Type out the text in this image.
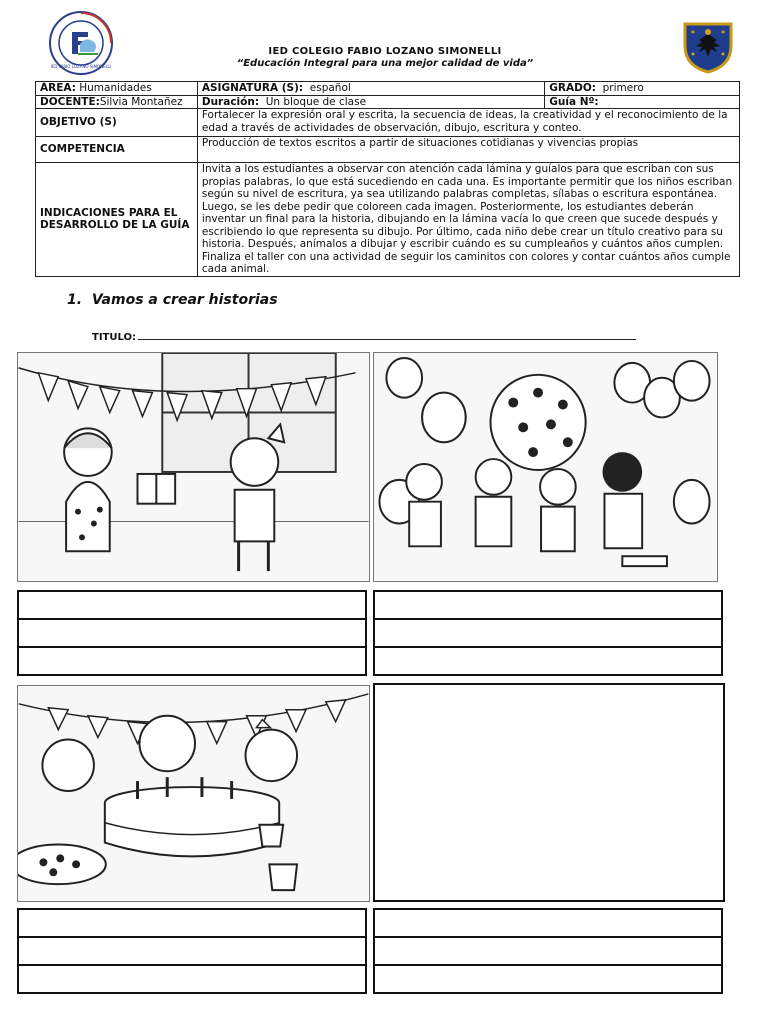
IED FABIO LOZANO SIMONELLI
IED COLEGIO FABIO LOZANO SIMONELLI
“Educación Integral para una mejor calidad de vida”
ÁREA: Humanidades	ASIGNATURA (S): español	GRADO: primero
DOCENTE:Silvia Montañez	Duración: Un bloque de clase	Guía Nº:
OBJETIVO (S)	Fortalecer la expresión oral y escrita, la secuencia de ideas, la creatividad y el reconocimiento de la edad a través de actividades de observación, dibujo, escritura y conteo.	
COMPETENCIA	Producción de textos escritos a partir de situaciones cotidianas y vivencias propias	
INDICACIONES PARA EL DESARROLLO DE LA GUÍA	Invita a los estudiantes a observar con atención cada lámina y guíalos para que escriban con sus propias palabras, lo que está sucediendo en cada una. Es importante permitir que los niños escriban según su nivel de escritura, ya sea utilizando palabras completas, sílabas o escritura espontánea. Luego, se les debe pedir que coloreen cada imagen. Posteriormente, los estudiantes deberán inventar un final para la historia, dibujando en la lámina vacía lo que creen que sucede después y escribiendo lo que representa su dibujo. Por último, cada niño debe crear un título creativo para su historia. Después, anímalos a dibujar y escribir cuándo es su cumpleaños y cuántos años cumplen. Finaliza el taller con una actividad de seguir los caminitos con colores y contar cuántos años cumple cada animal.	
1. Vamos a crear historias
TITULO:
